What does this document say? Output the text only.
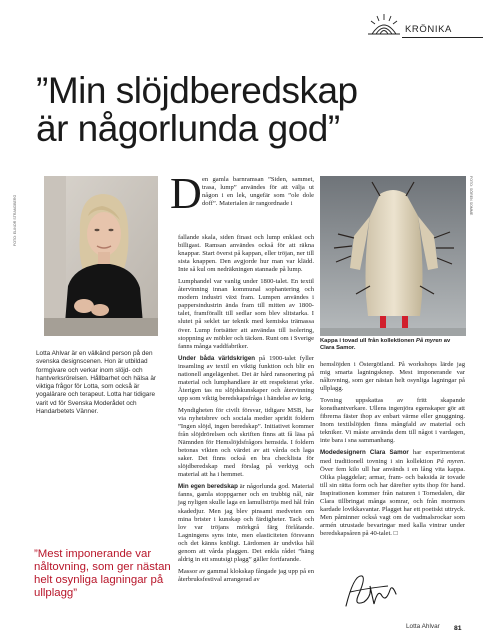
KRÖNIKA
”Min slöjdberedskap
är någorlunda god”
FOTO: ELINOR STRANDBERG	FOTO: SÖREN SOMME
Lotta Ahlvar är en välkänd person på den svenska designscenen. Hon är utbildad formgivare och verkar inom slöjd- och hantverksrörelsen. Hållbarhet och hälsa är viktiga frågor för Lotta, som också är yogalärare och terapeut. Lotta har tidigare varit vd för Svenska Moderådet och Handarbetets Vänner.
Kappa i tovad ull från kollektionen På myren av Clara Samor.
”Mest imponerande var nåltovning, som ger nästan helt osynliga lagningar på ullplagg”
D en gamla barnramsan ”Siden, sammet, trasa, lump” användes för att välja ut någon i en lek, ungefär som ”ole dole doff”. Materialen är rangordnade i

fallande skala, siden finast och lump enklast och billigast. Ramsan användes också för att räkna knappar. Start överst på kappan, eller tröjan, ner till sista knappen. Den avgjorde hur man var klädd. Inte så kul om nedräkningen stannade på lump.

Lumphandel var vanlig under 1800-talet. En textil återvinning innan kommunal sophantering och modern industri växt fram. Lumpen användes i pappersindustrin ända fram till mitten av 1800-talet, framförallt till sedlar som blev slitstarka. I slutet på seklet tar teknik med kemiska trämassa över. Lump fortsätter att användas till isolering, stoppning av möbler och täcken. Runt om i Sverige fanns många vaddfabriker.

Under båda världskrigen på 1900-talet fyller insamling av textil en viktig funktion och blir en nationell angelägenhet. Det är hård ransonering på material och lumphandlare är ett respekterat yrke. Återigen tas nu slöjdskunskaper och återvinning upp som viktig beredskapsfråga i händelse av krig.

Myndigheten för civilt försvar, tidigare MSB, har via nyhetsbrev och sociala medier spridit foldern ”Ingen slöjd, ingen beredskap”. Initiativet kommer från slöjdrörelsen och skriften finns att få läsa på Nämnden för Hemslöjdsfrågors hemsida. I foldern betonas vikten och värdet av att vårda och laga saker. Det finns också en bra checklista för slöjdberedskap med förslag på verktyg och material att ha i hemmet.

Min egen beredskap är någorlunda god. Material fanns, gamla stoppgarner och en trubbig nål, när jag nyligen skulle laga en lamullströja med hål från skadedjur. Men jag blev pinsamt medveten om mina brister i kunskap och färdigheter. Tack och lov var tröjans mörkgrå färg förlåtande. Lagningens syns inte, men elasticiteten försvann och det känns knöligt. Lärdomen är undvika hål genom att vårda plaggen. Det enkla rådet ”häng aldrig in ett smutsigt plagg” gäller fortfarande.

Massor av gammal klokskap fångade jag upp på en återbruksfestival arrangerad av

hemslöjden i Östergötland. På workshops lärde jag mig smarta lagningsknep. Mest imponerande var nåltovning, som ger nästan helt osynliga lagningar på ullplagg.

Tovning uppskattas av fritt skapande konsthantverkare. Ullens ingenjöra egenskaper gör att fibrerna fäster ihop av enbart värme eller gnuggning. Inom textilslöjden finns mångfald av material och tekniker. Vi måste använda dem till något i vardagen, inte bara i sna sammanhang.

Modedesignern Clara Samor har experimenterat med traditionell tovning i sin kollektion På myren. Över fem kilo ull har används i en lång vita kappa. Olika plaggdelar; armar, fram- och baksida är tovade till sin rätta form och har därefter sytts ihop för hand. Inspirationen kommer från naturen i Tornedalen, där Clara tillbringat många somrar, och från mormors kardade lovikkavantar. Plagget har ett poetiskt uttryck. Men påminner också vagt om de vadmalsrockar som armén utrustade bevaringar med kalla vintrar under beredskapsåren på 40-talet. □

Lotta Ahlvar 81
